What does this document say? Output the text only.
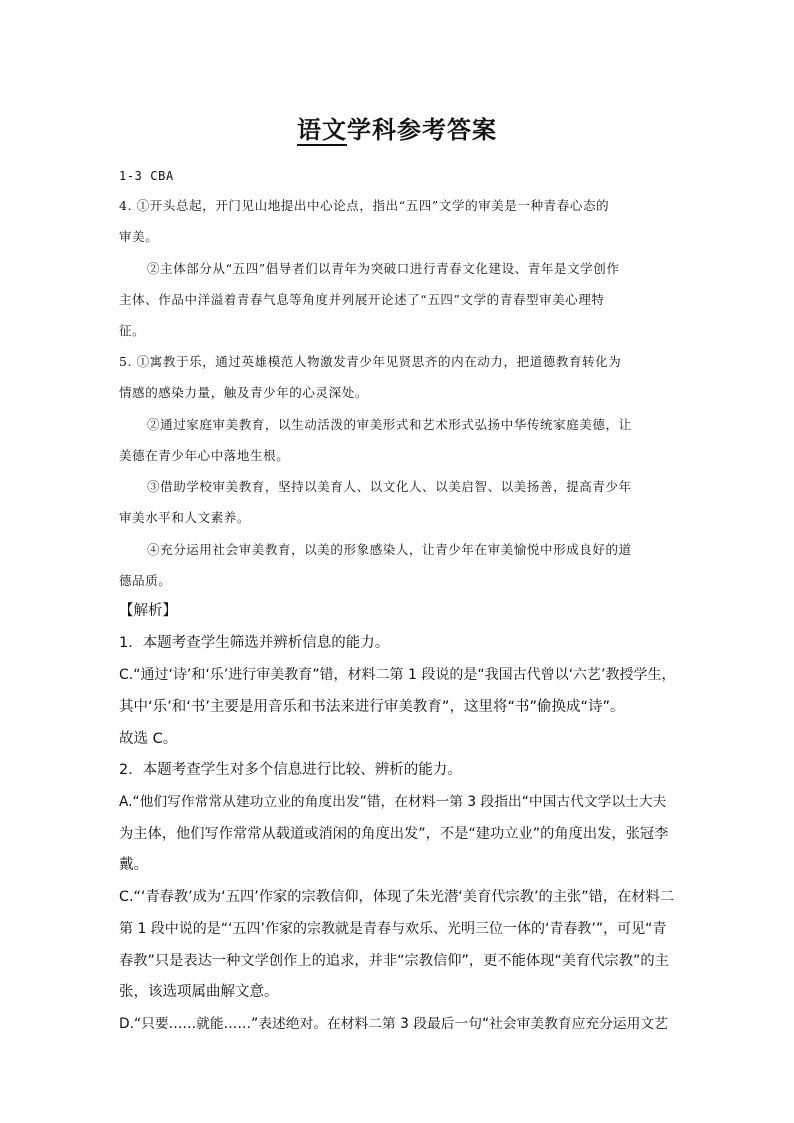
语文学科参考答案
1-3 CBA
4. ①开头总起，开门见山地提出中心论点，指出“五四”文学的审美是一种青春心态的
审美。
②主体部分从“五四”倡导者们以青年为突破口进行青春文化建设、青年是文学创作
主体、作品中洋溢着青春气息等角度并列展开论述了“五四”文学的青春型审美心理特
征。
5. ①寓教于乐，通过英雄模范人物激发青少年见贤思齐的内在动力，把道德教育转化为
情感的感染力量，触及青少年的心灵深处。
②通过家庭审美教育，以生动活泼的审美形式和艺术形式弘扬中华传统家庭美德，让
美德在青少年心中落地生根。
③借助学校审美教育，坚持以美育人、以文化人、以美启智、以美扬善，提高青少年
审美水平和人文素养。
④充分运用社会审美教育，以美的形象感染人，让青少年在审美愉悦中形成良好的道
德品质。
【解析】
1．本题考查学生筛选并辨析信息的能力。
C.“通过‘诗’和‘乐’进行审美教育”错，材料二第 1 段说的是“我国古代曾以‘六艺’教授学生，
其中‘乐’和‘书’主要是用音乐和书法来进行审美教育”，这里将“书”偷换成“诗”。
故选 C。
2．本题考查学生对多个信息进行比较、辨析的能力。
A.“他们写作常常从建功立业的角度出发”错，在材料一第 3 段指出“中国古代文学以士大夫
为主体，他们写作常常从载道或消闲的角度出发”，不是“建功立业”的角度出发，张冠李
戴。
C.“‘青春教’成为‘五四’作家的宗教信仰，体现了朱光潜‘美育代宗教’的主张”错，在材料二
第 1 段中说的是“‘五四’作家的宗教就是青春与欢乐、光明三位一体的‘青春教’”，可见“青
春教”只是表达一种文学创作上的追求，并非“宗教信仰”，更不能体现“美育代宗教”的主
张，该选项属曲解文意。
D.“只要……就能……”表述绝对。在材料二第 3 段最后一句“社会审美教育应充分运用文艺
